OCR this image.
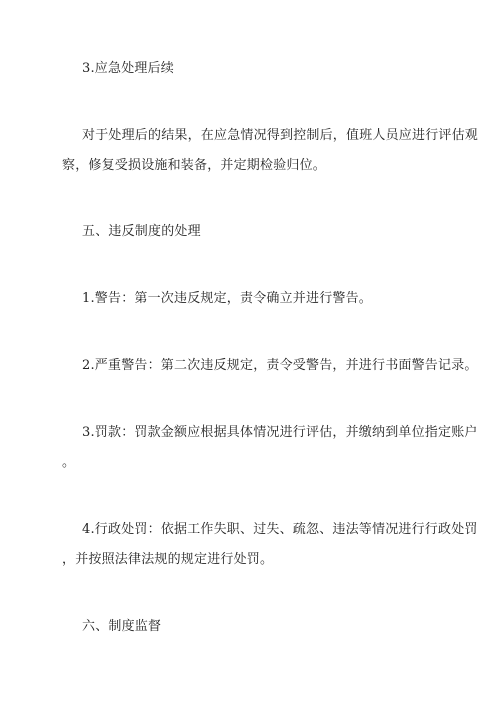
3.应急处理后续
对于处理后的结果，在应急情况得到控制后，值班人员应进行评估观
察，修复受损设施和装备，并定期检验归位。
五、违反制度的处理
1.警告：第一次违反规定，责令确立并进行警告。
2.严重警告：第二次违反规定，责令受警告，并进行书面警告记录。
3.罚款：罚款金额应根据具体情况进行评估，并缴纳到单位指定账户
。
4.行政处罚：依据工作失职、过失、疏忽、违法等情况进行行政处罚
，并按照法律法规的规定进行处罚。
六、制度监督
